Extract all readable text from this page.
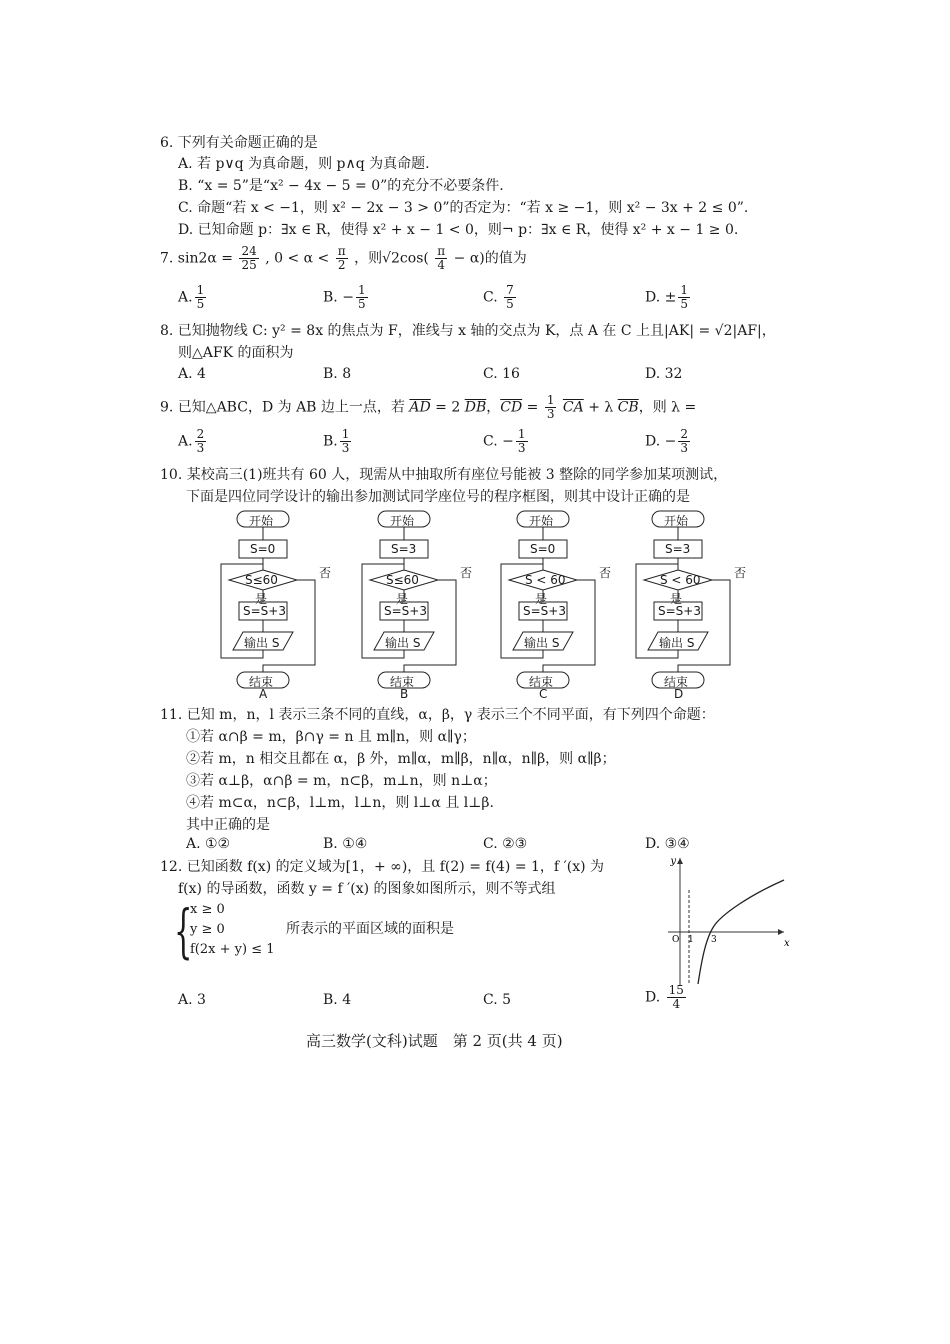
6. 下列有关命题正确的是
A. 若 p∨q 为真命题，则 p∧q 为真命题.
B. “x = 5”是“x² − 4x − 5 = 0”的充分不必要条件.
C. 命题“若 x < −1，则 x² − 2x − 3 > 0”的否定为：“若 x ≥ −1，则 x² − 3x + 2 ≤ 0”.
D. 已知命题 p：∃x ∈ R，使得 x² + x − 1 < 0，则¬ p：∃x ∈ R，使得 x² + x − 1 ≥ 0.
7. $\sin 2\alpha = \frac{24}{25}$ , $0 < \alpha < \frac{\pi}{2}$ ，则$√2\cos( \frac{\pi}{4} - \alpha)$的值为
A. $\frac{1}{5}$	B. − $\frac{1}{5}$	C. $\frac{7}{5}$	D. ± $\frac{1}{5}$
8. 已知抛物线 C: y² = 8x 的焦点为 F，准线与 x 轴的交点为 K，点 A 在 C 上且|AK| = √2|AF|，
则△AFK 的面积为
A. 4	B. 8	C. 16	D. 32
9. 已知△ABC，D 为 AB 边上一点，若 $\overline{AD} = 2$ $\overline{DB}$，$\overline{CD} = \frac{1}{3} \overline{CA} + \lambda$ $\overline{CB}$，则 λ =
A. $\frac{2}{3}$	B. $\frac{1}{3}$	C. − $\frac{1}{3}$	D. − $\frac{2}{3}$
10. 某校高三(1)班共有 60 人，现需从中抽取所有座位号能被 3 整除的同学参加某项测试，
下面是四位同学设计的输出参加测试同学座位号的程序框图，则其中设计正确的是
开始
S=0
S≤60	否
是
S=S+3
输出 S
结束
A
开始
S=3
S≤60	否
是
S=S+3
输出 S
结束
B
开始
S=0
S < 60	否
是
S=S+3
输出 S
结束
C
开始
S=3
S < 60	否
是
S=S+3
输出 S
结束
D
11. 已知 m，n，l 表示三条不同的直线，α，β，γ 表示三个不同平面，有下列四个命题：
①若 α∩β = m，β∩γ = n 且 m∥n，则 α∥γ；
②若 m，n 相交且都在 α，β 外，m∥α，m∥β，n∥α，n∥β，则 α∥β；
③若 α⊥β，α∩β = m，n⊂β，m⊥n，则 n⊥α；
④若 m⊂α，n⊂β，l⊥m，l⊥n，则 l⊥α 且 l⊥β.
其中正确的是
A. ①②	B. ①④	C. ②③	D. ③④
12. 已知函数 f(x) 的定义域为[1，+ ∞)，且 f(2) = f(4) = 1，f ′(x) 为
f(x) 的导函数，函数 y = f ′(x) 的图象如图所示，则不等式组
{
x ≥ 0
y ≥ 0
f(2x + y) ≤ 1
所表示的平面区域的面积是
A. 3	B. 4	C. 5	D. $\frac{15}{4}$
y
x
O 1 3
高三数学(文科)试题　第 2 页(共 4 页)
